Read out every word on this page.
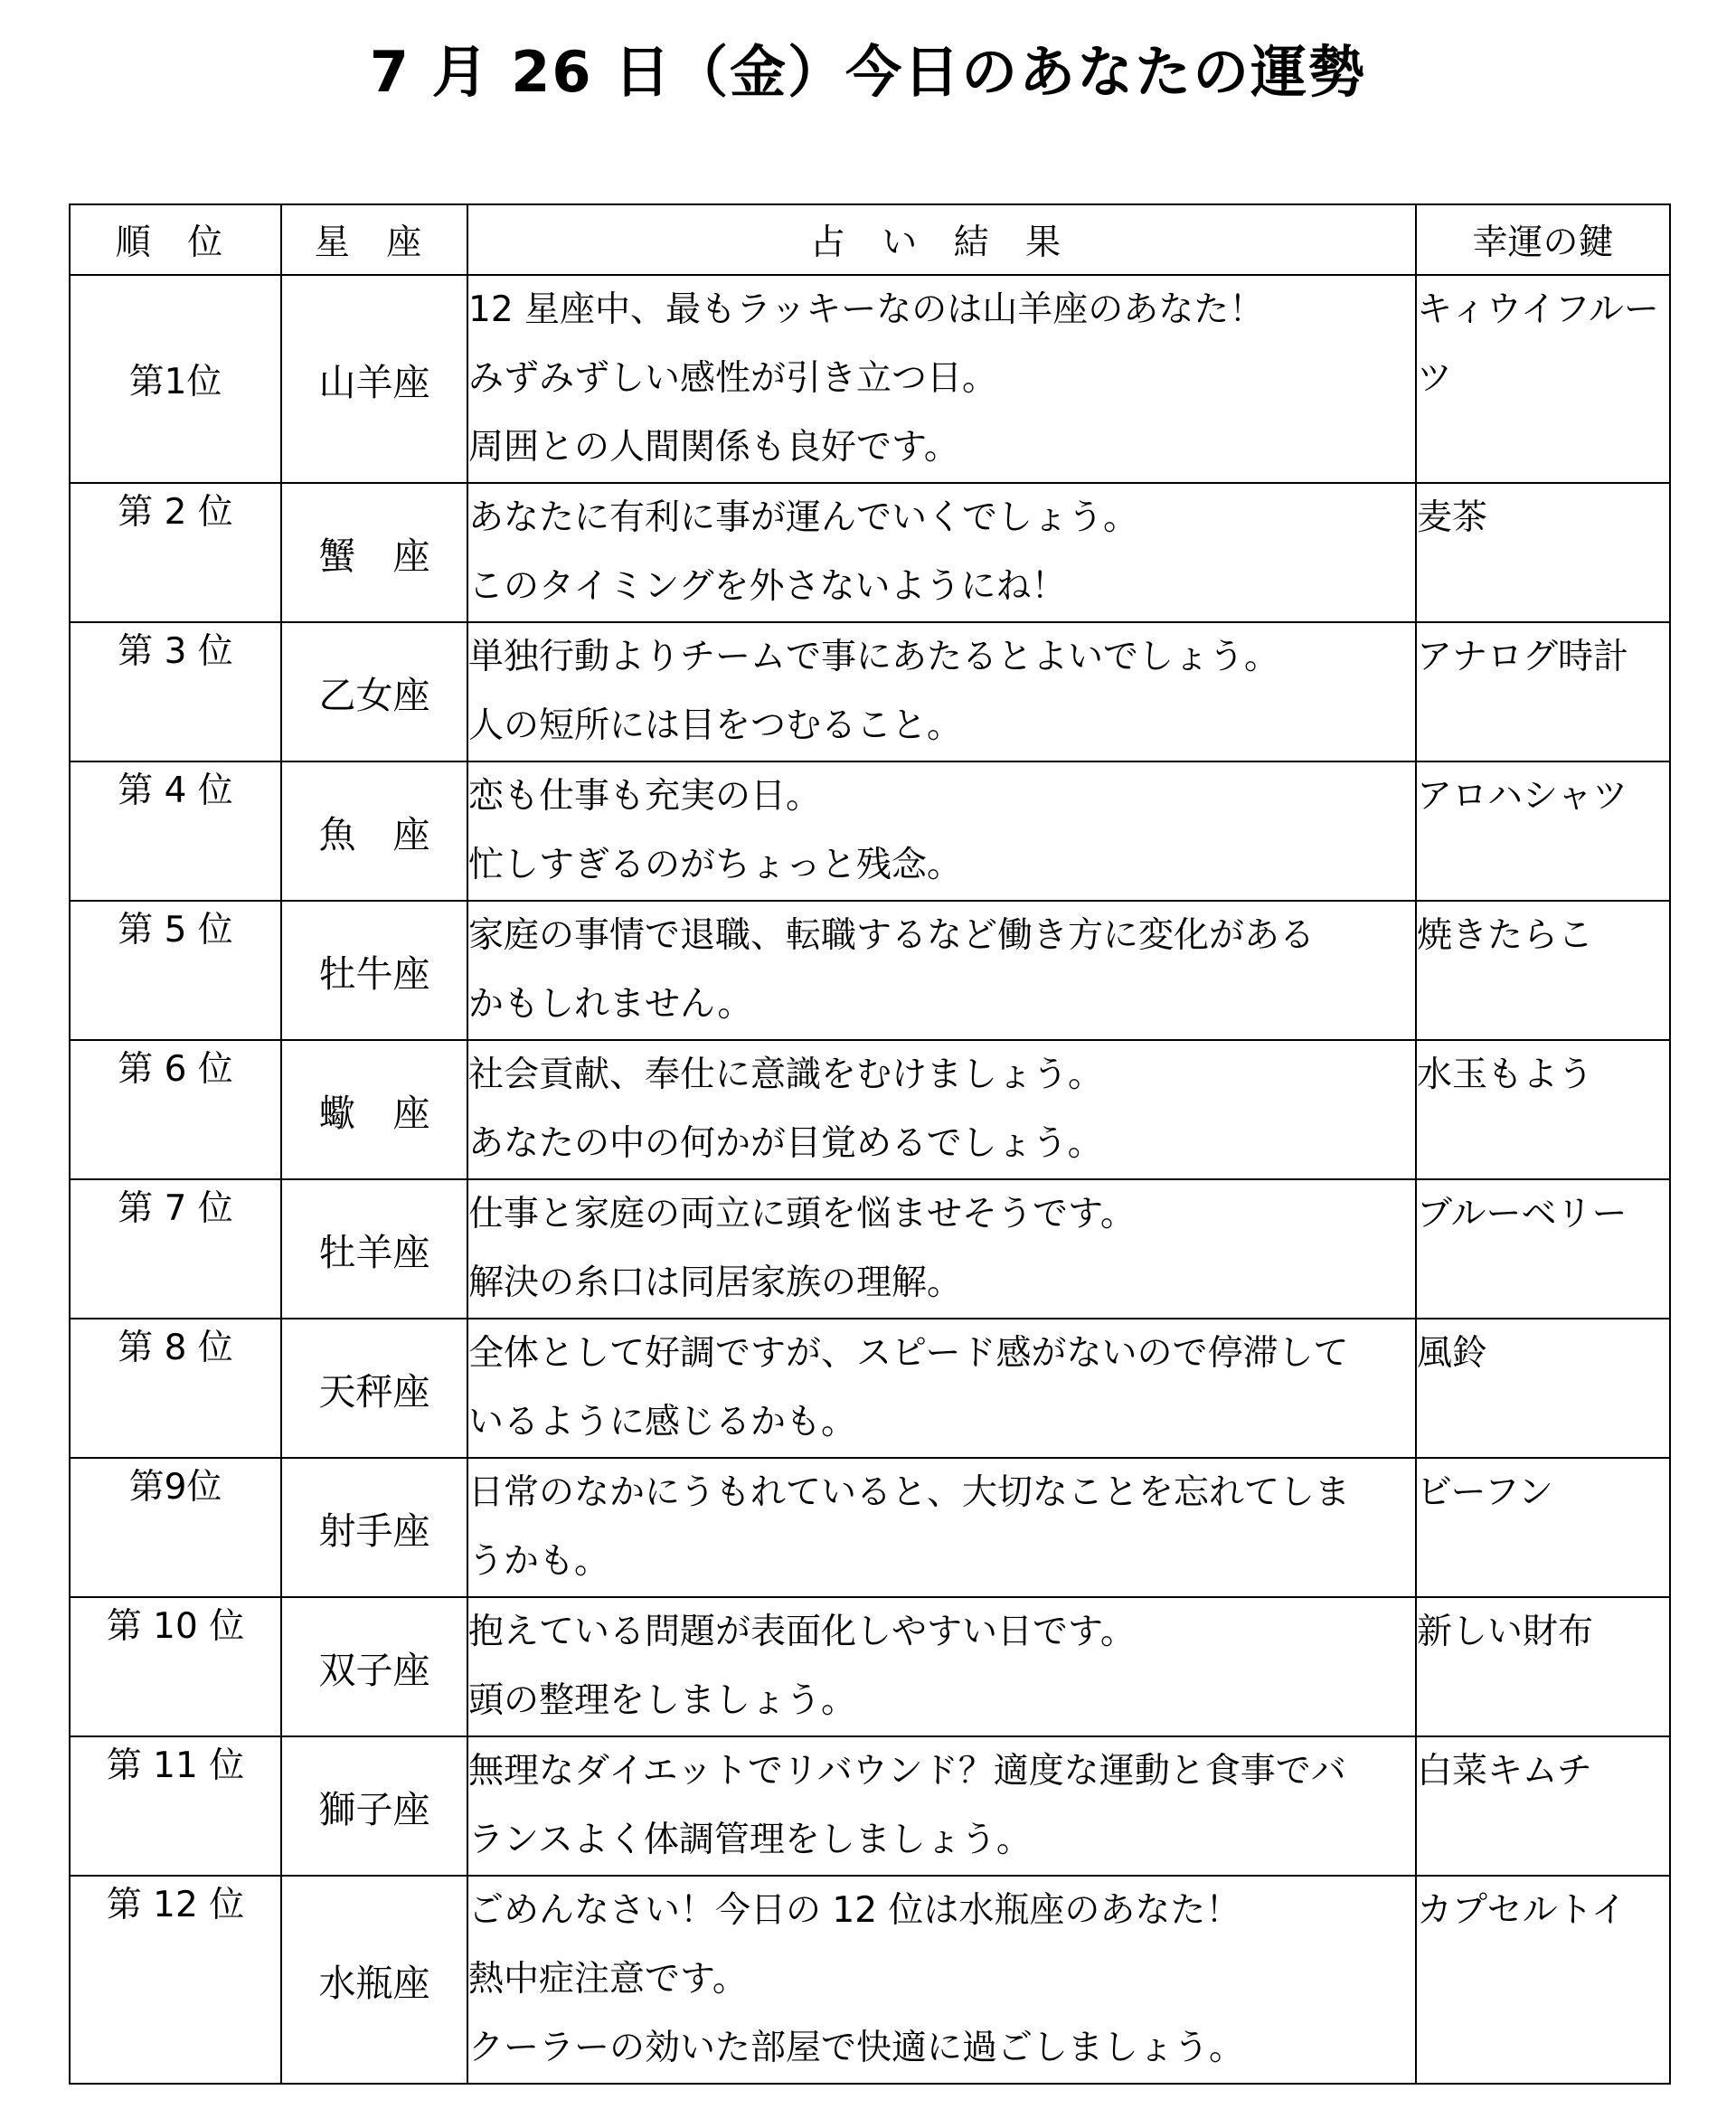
7 月 26 日（金）今日のあなたの運勢
順 位	星 座	占 い 結 果	幸運の鍵
第1位	山羊座	12 星座中、最もラッキーなのは山羊座のあなた！
みずみずしい感性が引き立つ日。
周囲との人間関係も良好です。	キィウイフルーツ

第 2 位	蟹　座	あなたに有利に事が運んでいくでしょう。
このタイミングを外さないようにね！	麦茶

第 3 位	乙女座	単独行動よりチームで事にあたるとよいでしょう。
人の短所には目をつむること。	アナログ時計

第 4 位	魚　座	恋も仕事も充実の日。
忙しすぎるのがちょっと残念。	アロハシャツ

第 5 位	牡牛座	家庭の事情で退職、転職するなど働き方に変化がある
かもしれません。	焼きたらこ

第 6 位	蠍　座	社会貢献、奉仕に意識をむけましょう。
あなたの中の何かが目覚めるでしょう。	水玉もよう

第 7 位	牡羊座	仕事と家庭の両立に頭を悩ませそうです。
解決の糸口は同居家族の理解。	ブルーベリー

第 8 位	天秤座	全体として好調ですが、スピード感がないので停滞して
いるように感じるかも。	風鈴

第9位	射手座	日常のなかにうもれていると、大切なことを忘れてしま
うかも。	ビーフン

第 10 位	双子座	抱えている問題が表面化しやすい日です。
頭の整理をしましょう。	新しい財布

第 11 位	獅子座	無理なダイエットでリバウンド？適度な運動と食事でバ
ランスよく体調管理をしましょう。	白菜キムチ

第 12 位	水瓶座	ごめんなさい！今日の 12 位は水瓶座のあなた！
熱中症注意です。
クーラーの効いた部屋で快適に過ごしましょう。	カプセルトイ
